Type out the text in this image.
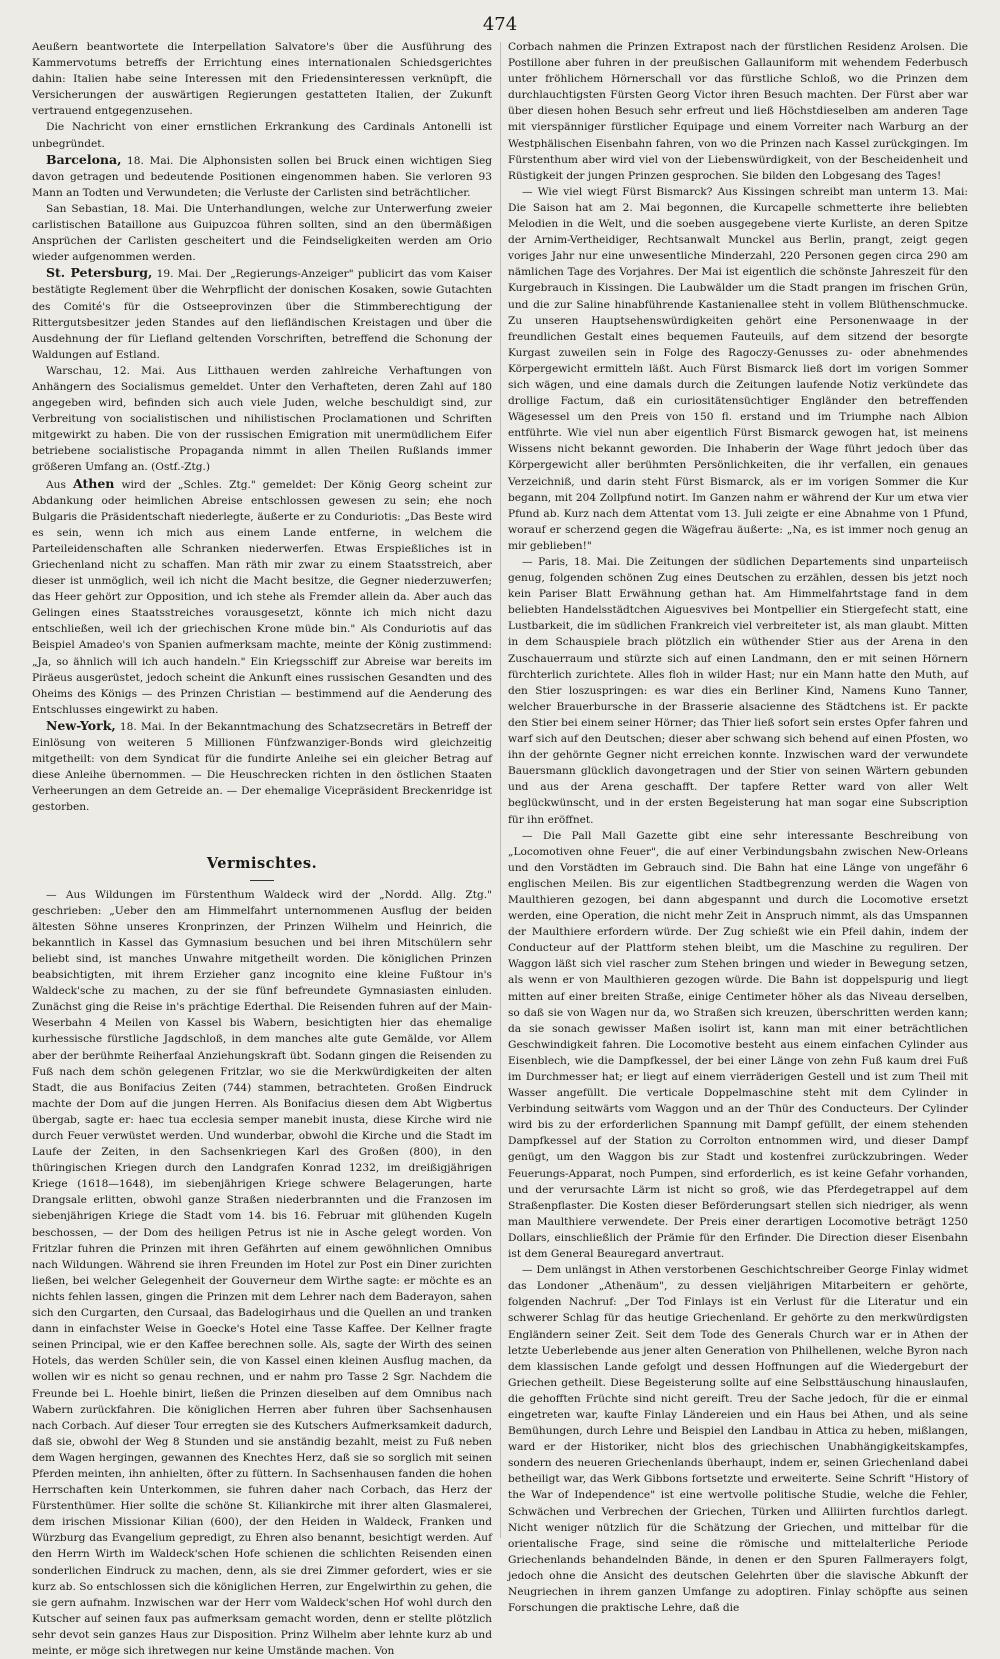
474

Aeußern beantwortete die Interpellation Salvatore's über die Ausführung des Kammervotums betreffs der Errichtung eines internationalen Schiedsgerichtes dahin: Italien habe seine Interessen mit den Friedensinteressen verknüpft, die Versicherungen der auswärtigen Regierungen gestatteten Italien, der Zukunft vertrauend entgegenzusehen.

Die Nachricht von einer ernstlichen Erkrankung des Cardinals Antonelli ist unbegründet.

Barcelona, 18. Mai. Die Alphonsisten sollen bei Bruck einen wichtigen Sieg davon getragen und bedeutende Positionen eingenommen haben. Sie verloren 93 Mann an Todten und Verwundeten; die Verluste der Carlisten sind beträchtlicher.

San Sebastian, 18. Mai. Die Unterhandlungen, welche zur Unterwerfung zweier carlistischen Bataillone aus Guipuzcoa führen sollten, sind an den übermäßigen Ansprüchen der Carlisten gescheitert und die Feindseligkeiten werden am Orio wieder aufgenommen werden.

St. Petersburg, 19. Mai. Der „Regierungs-Anzeiger" publicirt das vom Kaiser bestätigte Reglement über die Wehrpflicht der donischen Kosaken, sowie Gutachten des Comité's für die Ostseeprovinzen über die Stimmberechtigung der Rittergutsbesitzer jeden Standes auf den liefländischen Kreistagen und über die Ausdehnung der für Liefland geltenden Vorschriften, betreffend die Schonung der Waldungen auf Estland.

Warschau, 12. Mai. Aus Litthauen werden zahlreiche Verhaftungen von Anhängern des Socialismus gemeldet. Unter den Verhafteten, deren Zahl auf 180 angegeben wird, befinden sich auch viele Juden, welche beschuldigt sind, zur Verbreitung von socialistischen und nihilistischen Proclamationen und Schriften mitgewirkt zu haben. Die von der russischen Emigration mit unermüdlichem Eifer betriebene socialistische Propaganda nimmt in allen Theilen Rußlands immer größeren Umfang an. (Ostf.-Ztg.)

Aus Athen wird der „Schles. Ztg." gemeldet: Der König Georg scheint zur Abdankung oder heimlichen Abreise entschlossen gewesen zu sein; ehe noch Bulgaris die Präsidentschaft niederlegte, äußerte er zu Conduriotis: „Das Beste wird es sein, wenn ich mich aus einem Lande entferne, in welchem die Parteileidenschaften alle Schranken niederwerfen. Etwas Erspießliches ist in Griechenland nicht zu schaffen. Man räth mir zwar zu einem Staatsstreich, aber dieser ist unmöglich, weil ich nicht die Macht besitze, die Gegner niederzuwerfen; das Heer gehört zur Opposition, und ich stehe als Fremder allein da. Aber auch das Gelingen eines Staatsstreiches vorausgesetzt, könnte ich mich nicht dazu entschließen, weil ich der griechischen Krone müde bin." Als Conduriotis auf das Beispiel Amadeo's von Spanien aufmerksam machte, meinte der König zustimmend: „Ja, so ähnlich will ich auch handeln." Ein Kriegsschiff zur Abreise war bereits im Piräeus ausgerüstet, jedoch scheint die Ankunft eines russischen Gesandten und des Oheims des Königs — des Prinzen Christian — bestimmend auf die Aenderung des Entschlusses eingewirkt zu haben.

New-York, 18. Mai. In der Bekanntmachung des Schatzsecretärs in Betreff der Einlösung von weiteren 5 Millionen Fünfzwanziger-Bonds wird gleichzeitig mitgetheilt: von dem Syndicat für die fundirte Anleihe sei ein gleicher Betrag auf diese Anleihe übernommen. — Die Heuschrecken richten in den östlichen Staaten Verheerungen an dem Getreide an. — Der ehemalige Vicepräsident Breckenridge ist gestorben.

Vermischtes.

— Aus Wildungen im Fürstenthum Waldeck wird der „Nordd. Allg. Ztg." geschrieben: „Ueber den am Himmelfahrt unternommenen Ausflug der beiden ältesten Söhne unseres Kronprinzen, der Prinzen Wilhelm und Heinrich, die bekanntlich in Kassel das Gymnasium besuchen und bei ihren Mitschülern sehr beliebt sind, ist manches Unwahre mitgetheilt worden. Die königlichen Prinzen beabsichtigten, mit ihrem Erzieher ganz incognito eine kleine Fußtour in's Waldeck'sche zu machen, zu der sie fünf befreundete Gymnasiasten einluden. Zunächst ging die Reise in's prächtige Ederthal. Die Reisenden fuhren auf der Main-Weserbahn 4 Meilen von Kassel bis Wabern, besichtigten hier das ehemalige kurhessische fürstliche Jagdschloß, in dem manches alte gute Gemälde, vor Allem aber der berühmte Reiherfaal Anziehungskraft übt. Sodann gingen die Reisenden zu Fuß nach dem schön gelegenen Fritzlar, wo sie die Merkwürdigkeiten der alten Stadt, die aus Bonifacius Zeiten (744) stammen, betrachteten. Großen Eindruck machte der Dom auf die jungen Herren. Als Bonifacius diesen dem Abt Wigbertus übergab, sagte er: haec tua ecclesia semper manebit inusta, diese Kirche wird nie durch Feuer verwüstet werden. Und wunderbar, obwohl die Kirche und die Stadt im Laufe der Zeiten, in den Sachsenkriegen Karl des Großen (800), in den thüringischen Kriegen durch den Landgrafen Konrad 1232, im dreißigjährigen Kriege (1618—1648), im siebenjährigen Kriege schwere Belagerungen, harte Drangsale erlitten, obwohl ganze Straßen niederbrannten und die Franzosen im siebenjährigen Kriege die Stadt vom 14. bis 16. Februar mit glühenden Kugeln beschossen, — der Dom des heiligen Petrus ist nie in Asche gelegt worden. Von Fritzlar fuhren die Prinzen mit ihren Gefährten auf einem gewöhnlichen Omnibus nach Wildungen. Während sie ihren Freunden im Hotel zur Post ein Diner zurichten ließen, bei welcher Gelegenheit der Gouverneur dem Wirthe sagte: er möchte es an nichts fehlen lassen, gingen die Prinzen mit dem Lehrer nach dem Baderayon, sahen sich den Curgarten, den Cursaal, das Badelogirhaus und die Quellen an und tranken dann in einfachster Weise in Goecke's Hotel eine Tasse Kaffee. Der Kellner fragte seinen Principal, wie er den Kaffee berechnen solle. Als, sagte der Wirth des seinen Hotels, das werden Schüler sein, die von Kassel einen kleinen Ausflug machen, da wollen wir es nicht so genau rechnen, und er nahm pro Tasse 2 Sgr. Nachdem die Freunde bei L. Hoehle binirt, ließen die Prinzen dieselben auf dem Omnibus nach Wabern zurückfahren. Die königlichen Herren aber fuhren über Sachsenhausen nach Corbach. Auf dieser Tour erregten sie des Kutschers Aufmerksamkeit dadurch, daß sie, obwohl der Weg 8 Stunden und sie anständig bezahlt, meist zu Fuß neben dem Wagen hergingen, gewannen des Knechtes Herz, daß sie so sorglich mit seinen Pferden meinten, ihn anhielten, öfter zu füttern. In Sachsenhausen fanden die hohen Herrschaften kein Unterkommen, sie fuhren daher nach Corbach, das Herz der Fürstenthümer. Hier sollte die schöne St. Kiliankirche mit ihrer alten Glasmalerei, dem irischen Missionar Kilian (600), der den Heiden in Waldeck, Franken und Würzburg das Evangelium gepredigt, zu Ehren also benannt, besichtigt werden. Auf den Herrn Wirth im Waldeck'schen Hofe schienen die schlichten Reisenden einen sonderlichen Eindruck zu machen, denn, als sie drei Zimmer gefordert, wies er sie kurz ab. So entschlossen sich die königlichen Herren, zur Engelwirthin zu gehen, die sie gern aufnahm. Inzwischen war der Herr vom Waldeck'schen Hof wohl durch den Kutscher auf seinen faux pas aufmerksam gemacht worden, denn er stellte plötzlich sehr devot sein ganzes Haus zur Disposition. Prinz Wilhelm aber lehnte kurz ab und meinte, er möge sich ihretwegen nur keine Umstände machen. Von

Corbach nahmen die Prinzen Extrapost nach der fürstlichen Residenz Arolsen. Die Postillone aber fuhren in der preußischen Gallauniform mit wehendem Federbusch unter fröhlichem Hörnerschall vor das fürstliche Schloß, wo die Prinzen dem durchlauchtigsten Fürsten Georg Victor ihren Besuch machten. Der Fürst aber war über diesen hohen Besuch sehr erfreut und ließ Höchstdieselben am anderen Tage mit vierspänniger fürstlicher Equipage und einem Vorreiter nach Warburg an der Westphälischen Eisenbahn fahren, von wo die Prinzen nach Kassel zurückgingen. Im Fürstenthum aber wird viel von der Liebenswürdigkeit, von der Bescheidenheit und Rüstigkeit der jungen Prinzen gesprochen. Sie bilden den Lobgesang des Tages!

— Wie viel wiegt Fürst Bismarck? Aus Kissingen schreibt man unterm 13. Mai: Die Saison hat am 2. Mai begonnen, die Kurcapelle schmetterte ihre beliebten Melodien in die Welt, und die soeben ausgegebene vierte Kurliste, an deren Spitze der Arnim-Vertheidiger, Rechtsanwalt Munckel aus Berlin, prangt, zeigt gegen voriges Jahr nur eine unwesentliche Minderzahl, 220 Personen gegen circa 290 am nämlichen Tage des Vorjahres. Der Mai ist eigentlich die schönste Jahreszeit für den Kurgebrauch in Kissingen. Die Laubwälder um die Stadt prangen im frischen Grün, und die zur Saline hinabführende Kastanienallee steht in vollem Blüthenschmucke. Zu unseren Hauptsehenswürdigkeiten gehört eine Personenwaage in der freundlichen Gestalt eines bequemen Fauteuils, auf dem sitzend der besorgte Kurgast zuweilen sein in Folge des Ragoczy-Genusses zu- oder abnehmendes Körpergewicht ermitteln läßt. Auch Fürst Bismarck ließ dort im vorigen Sommer sich wägen, und eine damals durch die Zeitungen laufende Notiz verkündete das drollige Factum, daß ein curiositätensüchtiger Engländer den betreffenden Wägesessel um den Preis von 150 fl. erstand und im Triumphe nach Albion entführte. Wie viel nun aber eigentlich Fürst Bismarck gewogen hat, ist meinens Wissens nicht bekannt geworden. Die Inhaberin der Wage führt jedoch über das Körpergewicht aller berühmten Persönlichkeiten, die ihr verfallen, ein genaues Verzeichniß, und darin steht Fürst Bismarck, als er im vorigen Sommer die Kur begann, mit 204 Zollpfund notirt. Im Ganzen nahm er während der Kur um etwa vier Pfund ab. Kurz nach dem Attentat vom 13. Juli zeigte er eine Abnahme von 1 Pfund, worauf er scherzend gegen die Wägefrau äußerte: „Na, es ist immer noch genug an mir geblieben!"

— Paris, 18. Mai. Die Zeitungen der südlichen Departements sind unparteiisch genug, folgenden schönen Zug eines Deutschen zu erzählen, dessen bis jetzt noch kein Pariser Blatt Erwähnung gethan hat. Am Himmelfahrtstage fand in dem beliebten Handelsstädtchen Aiguesvives bei Montpellier ein Stiergefecht statt, eine Lustbarkeit, die im südlichen Frankreich viel verbreiteter ist, als man glaubt. Mitten in dem Schauspiele brach plötzlich ein wüthender Stier aus der Arena in den Zuschauerraum und stürzte sich auf einen Landmann, den er mit seinen Hörnern fürchterlich zurichtete. Alles floh in wilder Hast; nur ein Mann hatte den Muth, auf den Stier loszuspringen: es war dies ein Berliner Kind, Namens Kuno Tanner, welcher Brauerbursche in der Brasserie alsacienne des Städtchens ist. Er packte den Stier bei einem seiner Hörner; das Thier ließ sofort sein erstes Opfer fahren und warf sich auf den Deutschen; dieser aber schwang sich behend auf einen Pfosten, wo ihn der gehörnte Gegner nicht erreichen konnte. Inzwischen ward der verwundete Bauersmann glücklich davongetragen und der Stier von seinen Wärtern gebunden und aus der Arena geschafft. Der tapfere Retter ward von aller Welt beglückwünscht, und in der ersten Begeisterung hat man sogar eine Subscription für ihn eröffnet.

— Die Pall Mall Gazette gibt eine sehr interessante Beschreibung von „Locomotiven ohne Feuer", die auf einer Verbindungsbahn zwischen New-Orleans und den Vorstädten im Gebrauch sind. Die Bahn hat eine Länge von ungefähr 6 englischen Meilen. Bis zur eigentlichen Stadtbegrenzung werden die Wagen von Maulthieren gezogen, bei dann abgespannt und durch die Locomotive ersetzt werden, eine Operation, die nicht mehr Zeit in Anspruch nimmt, als das Umspannen der Maulthiere erfordern würde. Der Zug schießt wie ein Pfeil dahin, indem der Conducteur auf der Plattform stehen bleibt, um die Maschine zu reguliren. Der Waggon läßt sich viel rascher zum Stehen bringen und wieder in Bewegung setzen, als wenn er von Maulthieren gezogen würde. Die Bahn ist doppelspurig und liegt mitten auf einer breiten Straße, einige Centimeter höher als das Niveau derselben, so daß sie von Wagen nur da, wo Straßen sich kreuzen, überschritten werden kann; da sie sonach gewisser Maßen isolirt ist, kann man mit einer beträchtlichen Geschwindigkeit fahren. Die Locomotive besteht aus einem einfachen Cylinder aus Eisenblech, wie die Dampfkessel, der bei einer Länge von zehn Fuß kaum drei Fuß im Durchmesser hat; er liegt auf einem vierräderigen Gestell und ist zum Theil mit Wasser angefüllt. Die verticale Doppelmaschine steht mit dem Cylinder in Verbindung seitwärts vom Waggon und an der Thür des Conducteurs. Der Cylinder wird bis zu der erforderlichen Spannung mit Dampf gefüllt, der einem stehenden Dampfkessel auf der Station zu Corrolton entnommen wird, und dieser Dampf genügt, um den Waggon bis zur Stadt und kostenfrei zurückzubringen. Weder Feuerungs-Apparat, noch Pumpen, sind erforderlich, es ist keine Gefahr vorhanden, und der verursachte Lärm ist nicht so groß, wie das Pferdegetrappel auf dem Straßenpflaster. Die Kosten dieser Beförderungsart stellen sich niedriger, als wenn man Maulthiere verwendete. Der Preis einer derartigen Locomotive beträgt 1250 Dollars, einschließlich der Prämie für den Erfinder. Die Direction dieser Eisenbahn ist dem General Beauregard anvertraut.

— Dem unlängst in Athen verstorbenen Geschichtschreiber George Finlay widmet das Londoner „Athenäum", zu dessen vieljährigen Mitarbeitern er gehörte, folgenden Nachruf: „Der Tod Finlays ist ein Verlust für die Literatur und ein schwerer Schlag für das heutige Griechenland. Er gehörte zu den merkwürdigsten Engländern seiner Zeit. Seit dem Tode des Generals Church war er in Athen der letzte Ueberlebende aus jener alten Generation von Philhellenen, welche Byron nach dem klassischen Lande gefolgt und dessen Hoffnungen auf die Wiedergeburt der Griechen getheilt. Diese Begeisterung sollte auf eine Selbsttäuschung hinauslaufen, die gehofften Früchte sind nicht gereift. Treu der Sache jedoch, für die er einmal eingetreten war, kaufte Finlay Ländereien und ein Haus bei Athen, und als seine Bemühungen, durch Lehre und Beispiel den Landbau in Attica zu heben, mißlangen, ward er der Historiker, nicht blos des griechischen Unabhängigkeitskampfes, sondern des neueren Griechenlands überhaupt, indem er, seinen Griechenland dabei betheiligt war, das Werk Gibbons fortsetzte und erweiterte. Seine Schrift "History of the War of Independence" ist eine wertvolle politische Studie, welche die Fehler, Schwächen und Verbrechen der Griechen, Türken und Alliirten furchtlos darlegt. Nicht weniger nützlich für die Schätzung der Griechen, und mittelbar für die orientalische Frage, sind seine die römische und mittelalterliche Periode Griechenlands behandelnden Bände, in denen er den Spuren Fallmerayers folgt, jedoch ohne die Ansicht des deutschen Gelehrten über die slavische Abkunft der Neugriechen in ihrem ganzen Umfange zu adoptiren. Finlay schöpfte aus seinen Forschungen die praktische Lehre, daß die
